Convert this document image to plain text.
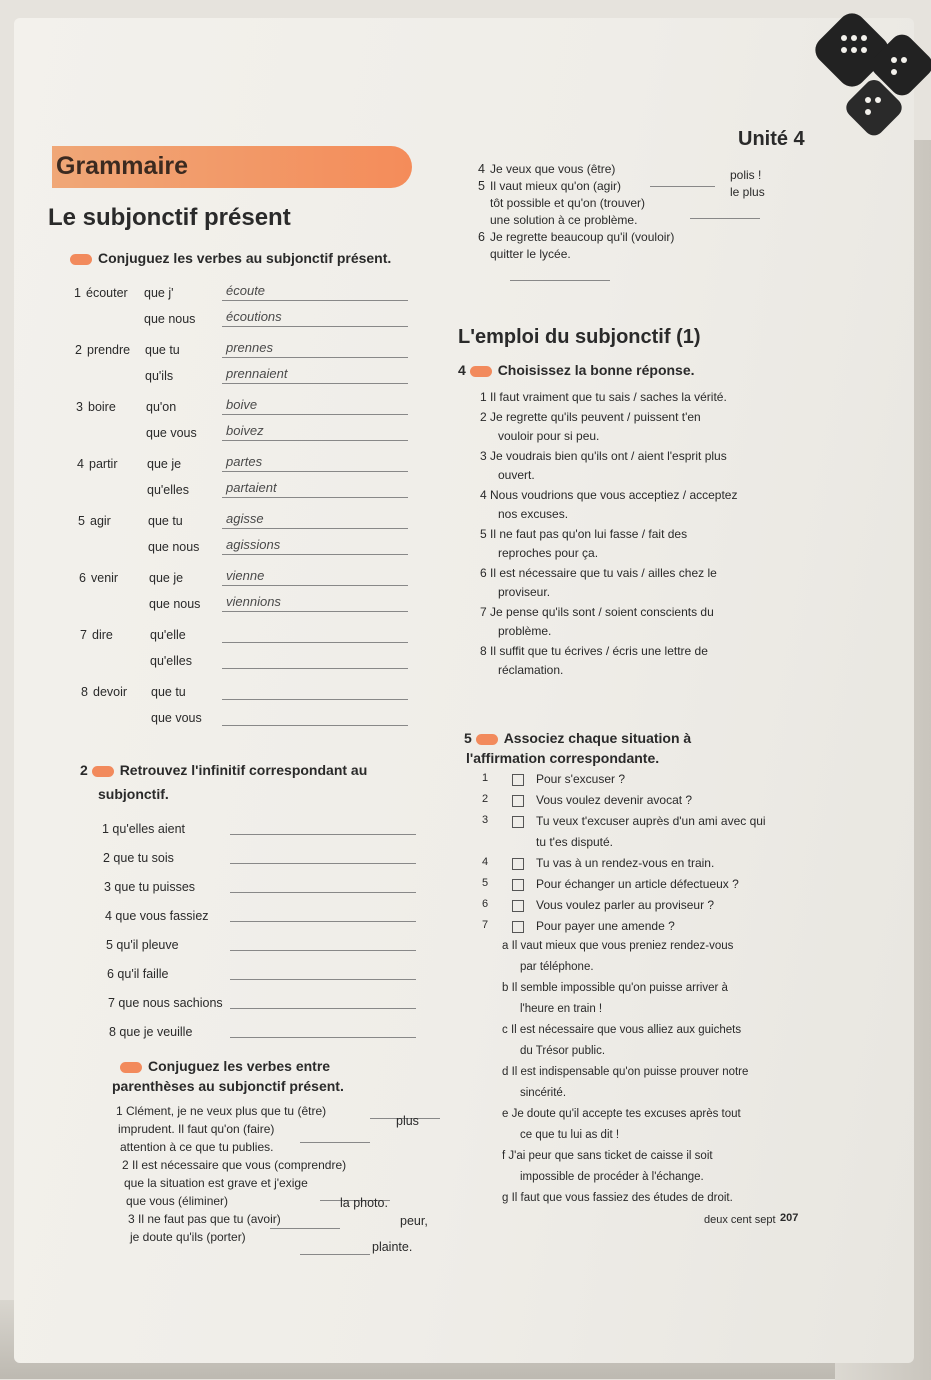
Unité 4
Grammaire
Le subjonctif présent
Conjuguez les verbes au subjonctif présent.
1 écouter que j'	écoute
que nous écoutions
2 prendre que tu	prennes
qu'ils	prennaient
3 boire qu'on	boive
que vous boivez
4 partir que je	partes
qu'elles	partaient
5 agir	que tu	agisse
que nous agissions
6 venir que je	vienne
que nous viennions
7 dire	qu'elle
qu'elles
8 devoir que tu
que vous
2 Retrouvez l'infinitif correspondant au
subjonctif.
1 qu'elles aient
2 que tu sois
3 que tu puisses
4 que vous fassiez
5 qu'il pleuve
6 qu'il faille
7 que nous sachions
8 que je veuille
Conjuguez les verbes entre
parenthèses au subjonctif présent.
1 Clément, je ne veux plus que tu (être)
imprudent. Il faut qu'on (faire)
attention à ce que tu publies.
2 Il est nécessaire que vous (comprendre)
que la situation est grave et j'exige
que vous (éliminer)
3 Il ne faut pas que tu (avoir)
je doute qu'ils (porter)
plus
la photo.
peur,
plainte.
4 Je veux que vous (être)	polis !
5 Il vaut mieux qu'on (agir)	le plus
tôt possible et qu'on (trouver)
une solution à ce problème.
6 Je regrette beaucoup qu'il (vouloir)
quitter le lycée.
L'emploi du subjonctif (1)
4 Choisissez la bonne réponse.
1 Il faut vraiment que tu sais / saches la vérité.
2 Je regrette qu'ils peuvent / puissent t'en
vouloir pour si peu.
3 Je voudrais bien qu'ils ont / aient l'esprit plus
ouvert.
4 Nous voudrions que vous acceptiez / acceptez
nos excuses.
5 Il ne faut pas qu'on lui fasse / fait des
reproches pour ça.
6 Il est nécessaire que tu vais / ailles chez le
proviseur.
7 Je pense qu'ils sont / soient conscients du
problème.
8 Il suffit que tu écrives / écris une lettre de
réclamation.
5 Associez chaque situation à
l'affirmation correspondante.
1	Pour s'excuser ?
2	Vous voulez devenir avocat ?
3	Tu veux t'excuser auprès d'un ami avec qui
tu t'es disputé.
4	Tu vas à un rendez-vous en train.
5	Pour échanger un article défectueux ?
6	Vous voulez parler au proviseur ?
7	Pour payer une amende ?
a Il vaut mieux que vous preniez rendez-vous
par téléphone.
b Il semble impossible qu'on puisse arriver à
l'heure en train !
c Il est nécessaire que vous alliez aux guichets
du Trésor public.
d Il est indispensable qu'on puisse prouver notre
sincérité.
e Je doute qu'il accepte tes excuses après tout
ce que tu lui as dit !
f J'ai peur que sans ticket de caisse il soit
impossible de procéder à l'échange.
g Il faut que vous fassiez des études de droit.
deux cent sept 207
